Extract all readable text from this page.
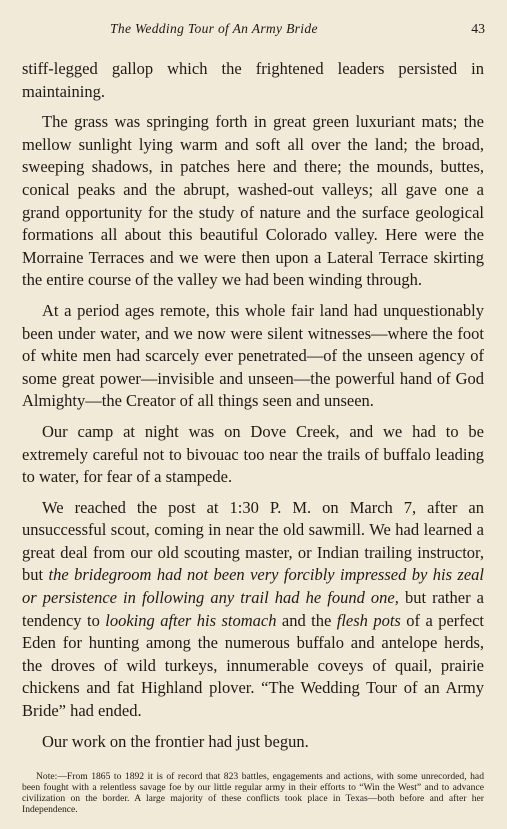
The Wedding Tour of An Army Bride	43

stiff-legged gallop which the frightened leaders persisted in maintaining.

The grass was springing forth in great green luxuriant mats; the mellow sunlight lying warm and soft all over the land; the broad, sweeping shadows, in patches here and there; the mounds, buttes, conical peaks and the abrupt, washed-out valleys; all gave one a grand opportunity for the study of nature and the surface geological formations all about this beautiful Colorado valley. Here were the Morraine Terraces and we were then upon a Lateral Terrace skirting the entire course of the valley we had been winding through.

At a period ages remote, this whole fair land had unquestionably been under water, and we now were silent witnesses—where the foot of white men had scarcely ever penetrated—of the unseen agency of some great power—invisible and unseen—the powerful hand of God Almighty—the Creator of all things seen and unseen.

Our camp at night was on Dove Creek, and we had to be extremely careful not to bivouac too near the trails of buffalo leading to water, for fear of a stampede.

We reached the post at 1:30 P. M. on March 7, after an unsuccessful scout, coming in near the old sawmill. We had learned a great deal from our old scouting master, or Indian trailing instructor, but the bridegroom had not been very forcibly impressed by his zeal or persistence in following any trail had he found one, but rather a tendency to looking after his stomach and the flesh pots of a perfect Eden for hunting among the numerous buffalo and antelope herds, the droves of wild turkeys, innumerable coveys of quail, prairie chickens and fat Highland plover. “The Wedding Tour of an Army Bride” had ended.

Our work on the frontier had just begun.

Note:—From 1865 to 1892 it is of record that 823 battles, engagements and actions, with some unrecorded, had been fought with a relentless savage foe by our little regular army in their efforts to “Win the West” and to advance civilization on the border. A large majority of these conflicts took place in Texas—both before and after her Independence.
